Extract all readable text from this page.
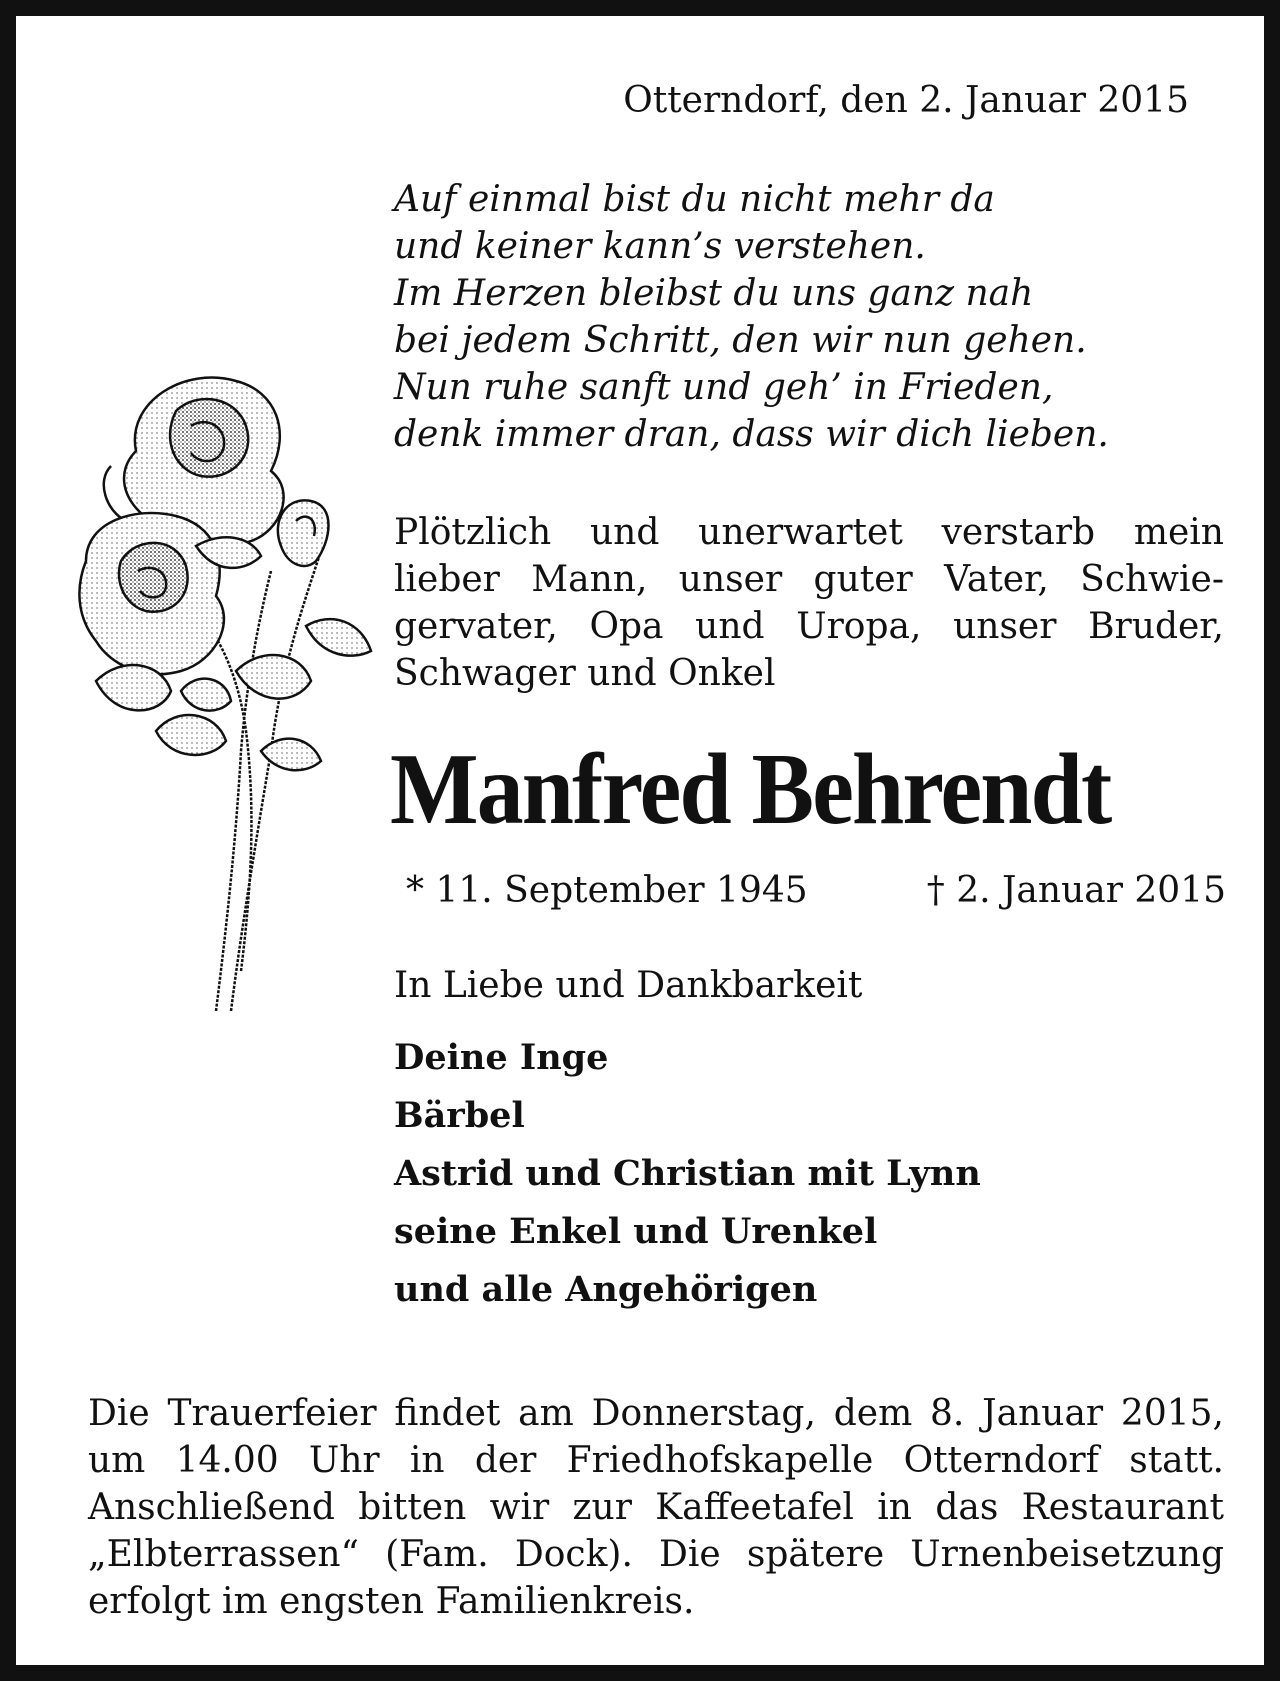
Otterndorf, den 2. Januar 2015
Auf einmal bist du nicht mehr da
und keiner kann’s verstehen.
Im Herzen bleibst du uns ganz nah
bei jedem Schritt, den wir nun gehen.
Nun ruhe sanft und geh’ in Frieden,
denk immer dran, dass wir dich lieben.
Plötzlich und unerwartet verstarb mein lieber Mann, unser guter Vater, Schwiegervater, Opa und Uropa, unser Bruder, Schwager und Onkel
Manfred Behrendt
* 11. September 1945	† 2. Januar 2015
In Liebe und Dankbarkeit
Deine Inge
Bärbel
Astrid und Christian mit Lynn
seine Enkel und Urenkel
und alle Angehörigen
Die Trauerfeier findet am Donnerstag, dem 8. Januar 2015, um 14.00 Uhr in der Friedhofskapelle Otterndorf statt. Anschließend bitten wir zur Kaffeetafel in das Restaurant „Elbterrassen“ (Fam. Dock). Die spätere Urnenbeisetzung erfolgt im engsten Familienkreis.
